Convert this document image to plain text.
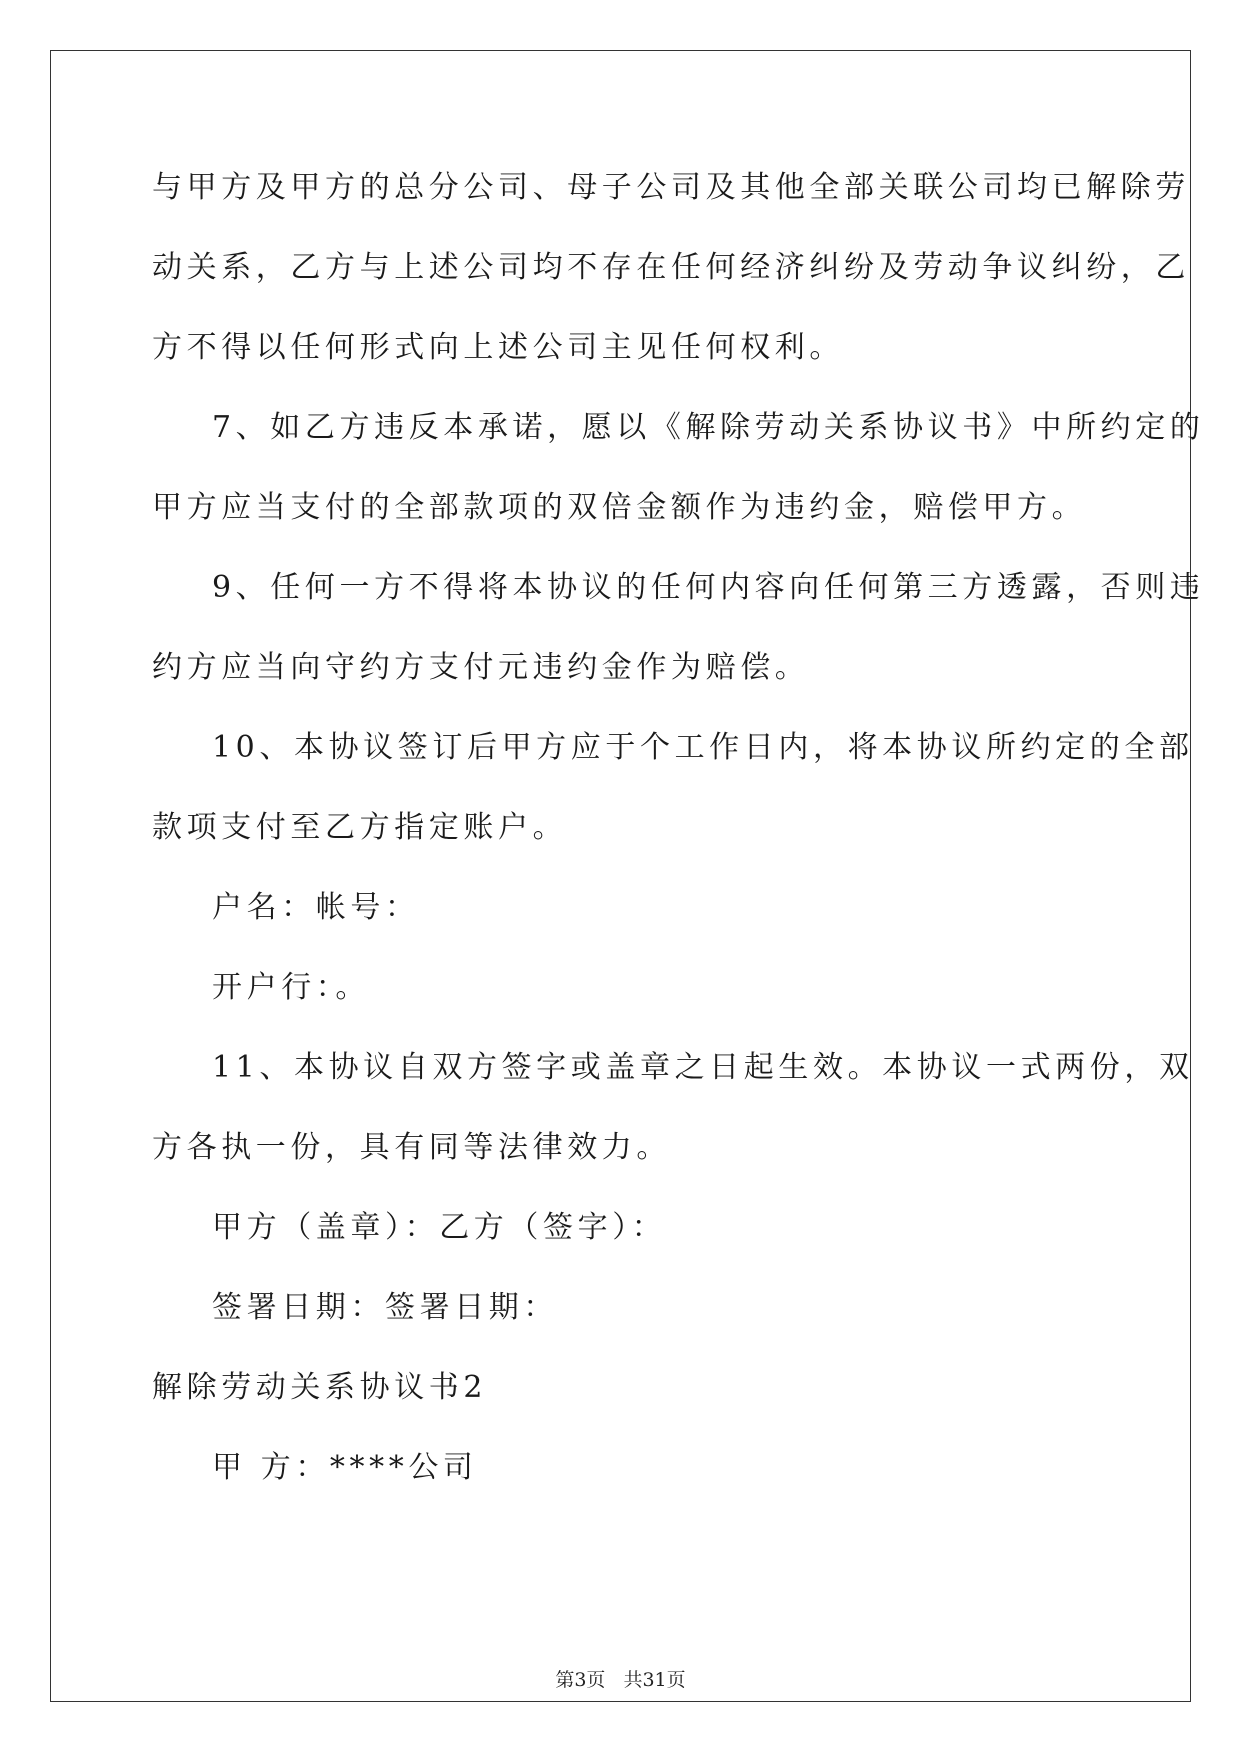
与甲方及甲方的总分公司、母子公司及其他全部关联公司均已解除劳
动关系，乙方与上述公司均不存在任何经济纠纷及劳动争议纠纷，乙
方不得以任何形式向上述公司主见任何权利。
7、如乙方违反本承诺，愿以《解除劳动关系协议书》中所约定的
甲方应当支付的全部款项的双倍金额作为违约金，赔偿甲方。
9、任何一方不得将本协议的任何内容向任何第三方透露，否则违
约方应当向守约方支付元违约金作为赔偿。
10、本协议签订后甲方应于个工作日内，将本协议所约定的全部
款项支付至乙方指定账户。
户名：帐号：
开户行：。
11、本协议自双方签字或盖章之日起生效。本协议一式两份，双
方各执一份，具有同等法律效力。
甲方（盖章）：乙方（签字）：
签署日期：签署日期：
解除劳动关系协议书2
甲 方：****公司
第3页 共31页
